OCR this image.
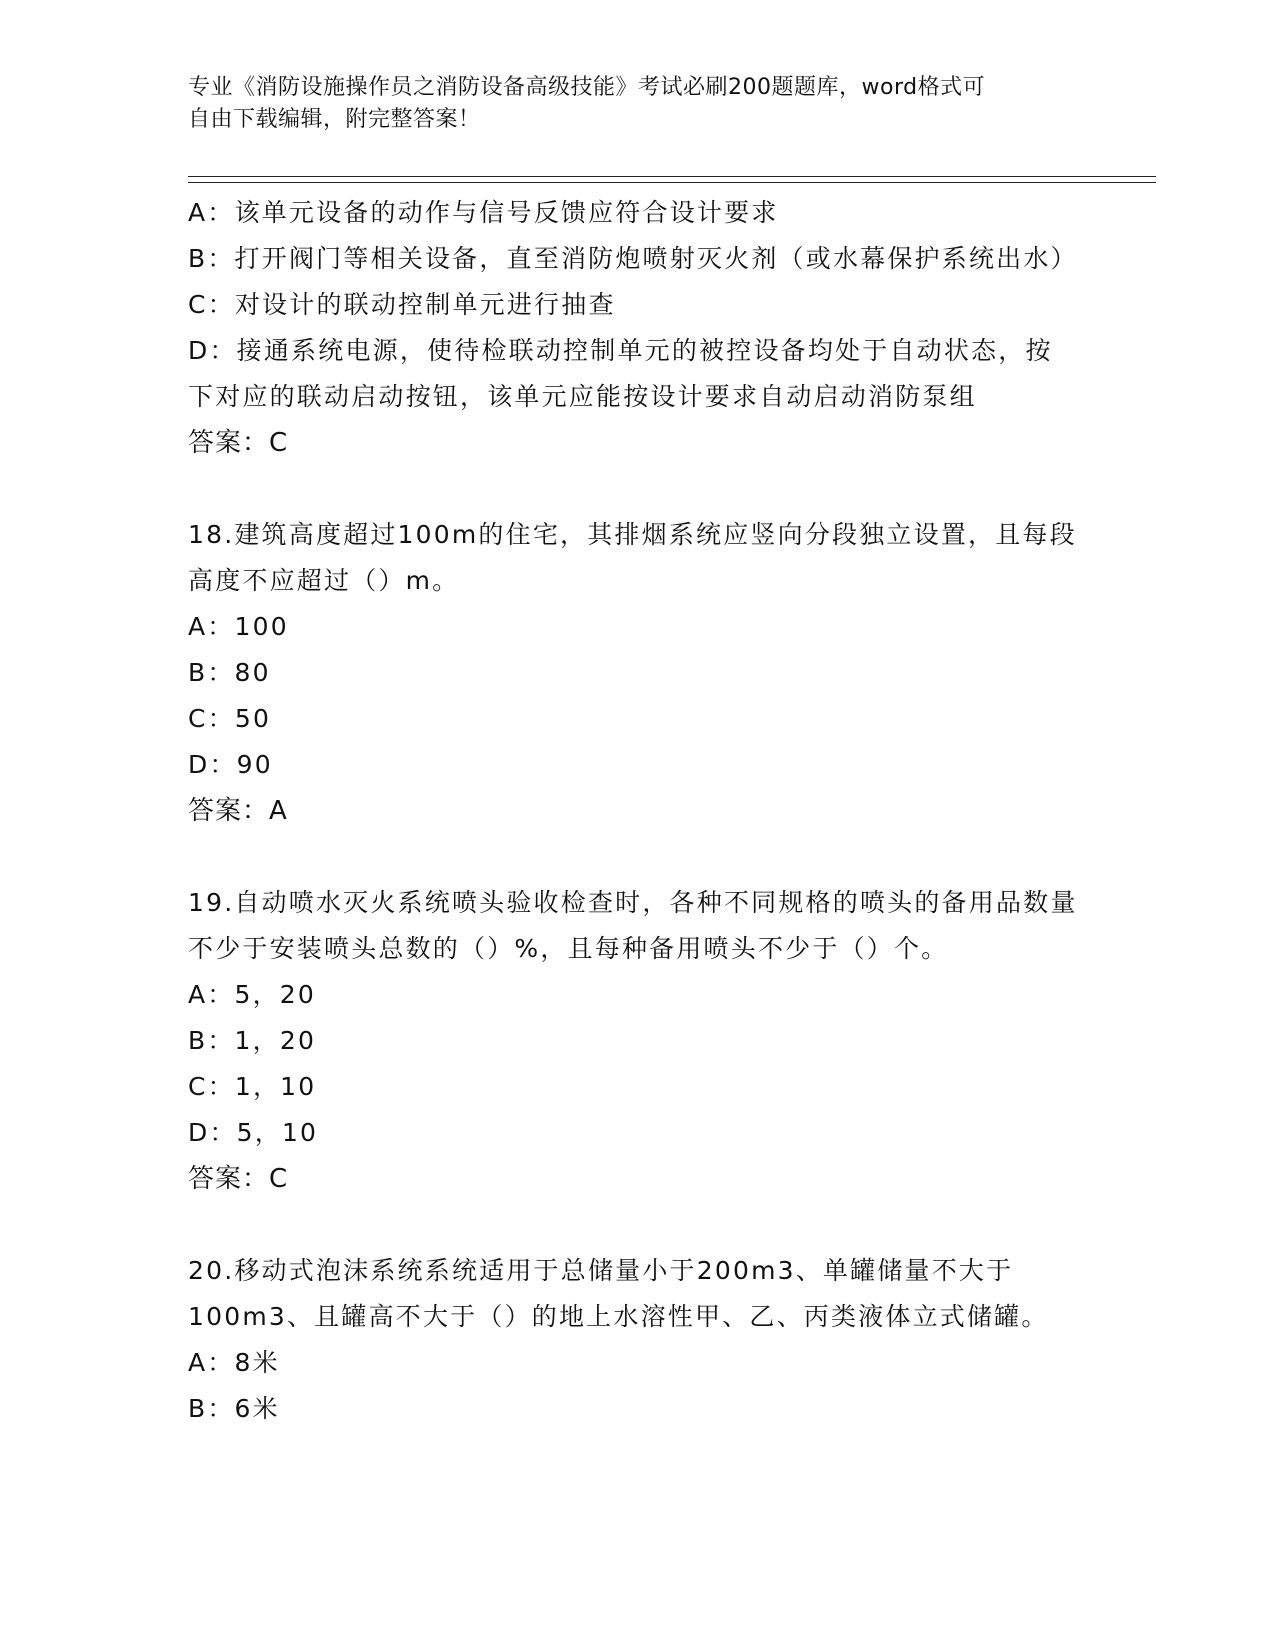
专业《消防设施操作员之消防设备高级技能》考试必刷200题题库，word格式可
自由下载编辑，附完整答案！
A：该单元设备的动作与信号反馈应符合设计要求
B：打开阀门等相关设备，直至消防炮喷射灭火剂（或水幕保护系统出水）
C：对设计的联动控制单元进行抽查
D：接通系统电源，使待检联动控制单元的被控设备均处于自动状态，按下对应的联动启动按钮，该单元应能按设计要求自动启动消防泵组
答案：C
18.建筑高度超过100m的住宅，其排烟系统应竖向分段独立设置，且每段高度不应超过（）m。
A：100
B：80
C：50
D：90
答案：A
19.自动喷水灭火系统喷头验收检查时，各种不同规格的喷头的备用品数量不少于安装喷头总数的（）%，且每种备用喷头不少于（）个。
A：5，20
B：1，20
C：1，10
D：5，10
答案：C
20.移动式泡沫系统系统适用于总储量小于200m3、单罐储量不大于100m3、且罐高不大于（）的地上水溶性甲、乙、丙类液体立式储罐。
A：8米
B：6米
